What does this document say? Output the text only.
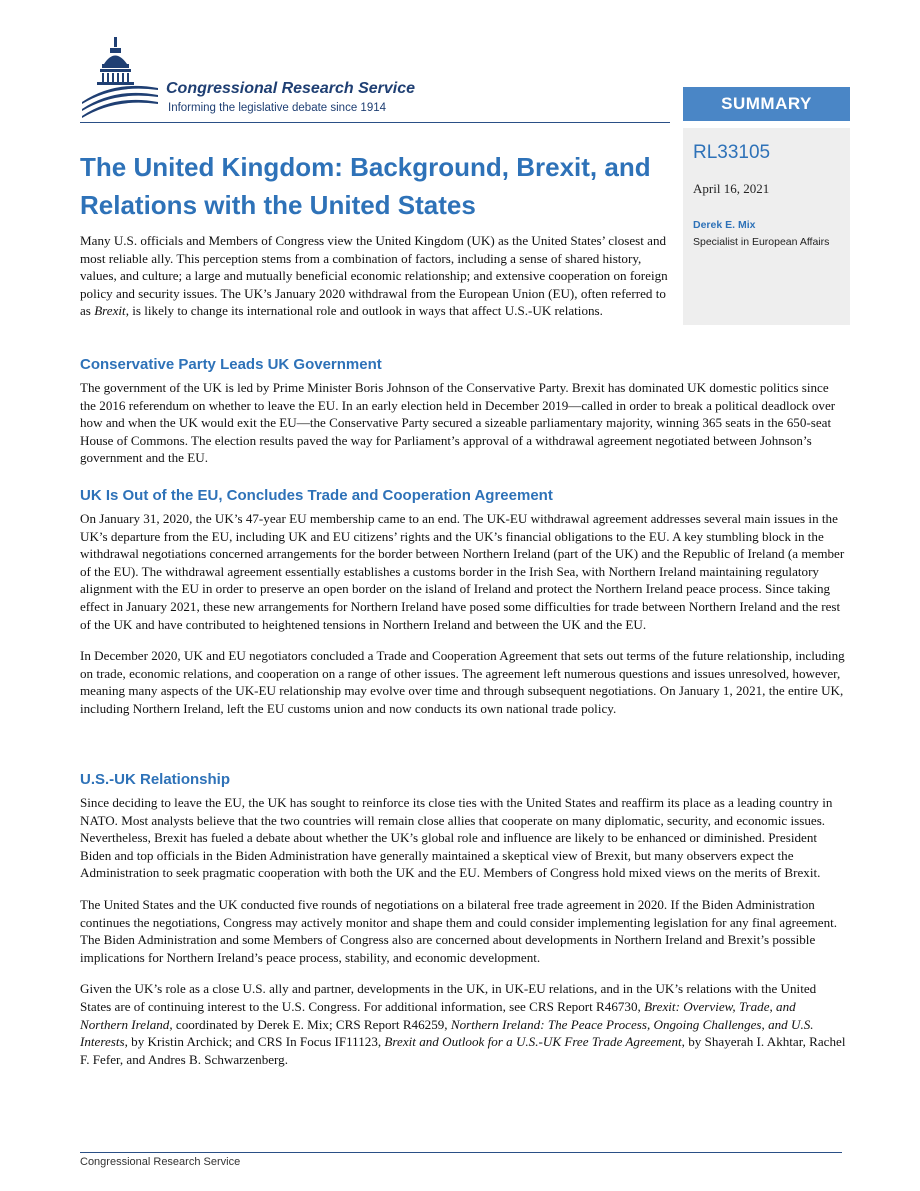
Congressional Research Service
Informing the legislative debate since 1914	SUMMARY
RL33105
April 16, 2021
Derek E. Mix
Specialist in European Affairs
The United Kingdom: Background, Brexit, and Relations with the United States

Many U.S. officials and Members of Congress view the United Kingdom (UK) as the United States’ closest and most reliable ally. This perception stems from a combination of factors, including a sense of shared history, values, and culture; a large and mutually beneficial economic relationship; and extensive cooperation on foreign policy and security issues. The UK’s January 2020 withdrawal from the European Union (EU), often referred to as Brexit, is likely to change its international role and outlook in ways that affect U.S.-UK relations.

Conservative Party Leads UK Government

The government of the UK is led by Prime Minister Boris Johnson of the Conservative Party. Brexit has dominated UK domestic politics since the 2016 referendum on whether to leave the EU. In an early election held in December 2019—called in order to break a political deadlock over how and when the UK would exit the EU—the Conservative Party secured a sizeable parliamentary majority, winning 365 seats in the 650-seat House of Commons. The election results paved the way for Parliament’s approval of a withdrawal agreement negotiated between Johnson’s government and the EU.

UK Is Out of the EU, Concludes Trade and Cooperation Agreement

On January 31, 2020, the UK’s 47-year EU membership came to an end. The UK-EU withdrawal agreement addresses several main issues in the UK’s departure from the EU, including UK and EU citizens’ rights and the UK’s financial obligations to the EU. A key stumbling block in the withdrawal negotiations concerned arrangements for the border between Northern Ireland (part of the UK) and the Republic of Ireland (a member of the EU). The withdrawal agreement essentially establishes a customs border in the Irish Sea, with Northern Ireland maintaining regulatory alignment with the EU in order to preserve an open border on the island of Ireland and protect the Northern Ireland peace process. Since taking effect in January 2021, these new arrangements for Northern Ireland have posed some difficulties for trade between Northern Ireland and the rest of the UK and have contributed to heightened tensions in Northern Ireland and between the UK and the EU.

In December 2020, UK and EU negotiators concluded a Trade and Cooperation Agreement that sets out terms of the future relationship, including on trade, economic relations, and cooperation on a range of other issues. The agreement left numerous questions and issues unresolved, however, meaning many aspects of the UK-EU relationship may evolve over time and through subsequent negotiations. On January 1, 2021, the entire UK, including Northern Ireland, left the EU customs union and now conducts its own national trade policy.

U.S.-UK Relationship

Since deciding to leave the EU, the UK has sought to reinforce its close ties with the United States and reaffirm its place as a leading country in NATO. Most analysts believe that the two countries will remain close allies that cooperate on many diplomatic, security, and economic issues. Nevertheless, Brexit has fueled a debate about whether the UK’s global role and influence are likely to be enhanced or diminished. President Biden and top officials in the Biden Administration have generally maintained a skeptical view of Brexit, but many observers expect the Administration to seek pragmatic cooperation with both the UK and the EU. Members of Congress hold mixed views on the merits of Brexit.

The United States and the UK conducted five rounds of negotiations on a bilateral free trade agreement in 2020. If the Biden Administration continues the negotiations, Congress may actively monitor and shape them and could consider implementing legislation for any final agreement. The Biden Administration and some Members of Congress also are concerned about developments in Northern Ireland and Brexit’s possible implications for Northern Ireland’s peace process, stability, and economic development.

Given the UK’s role as a close U.S. ally and partner, developments in the UK, in UK-EU relations, and in the UK’s relations with the United States are of continuing interest to the U.S. Congress. For additional information, see CRS Report R46730, Brexit: Overview, Trade, and Northern Ireland, coordinated by Derek E. Mix; CRS Report R46259, Northern Ireland: The Peace Process, Ongoing Challenges, and U.S. Interests, by Kristin Archick; and CRS In Focus IF11123, Brexit and Outlook for a U.S.-UK Free Trade Agreement, by Shayerah I. Akhtar, Rachel F. Fefer, and Andres B. Schwarzenberg.

Congressional Research Service
